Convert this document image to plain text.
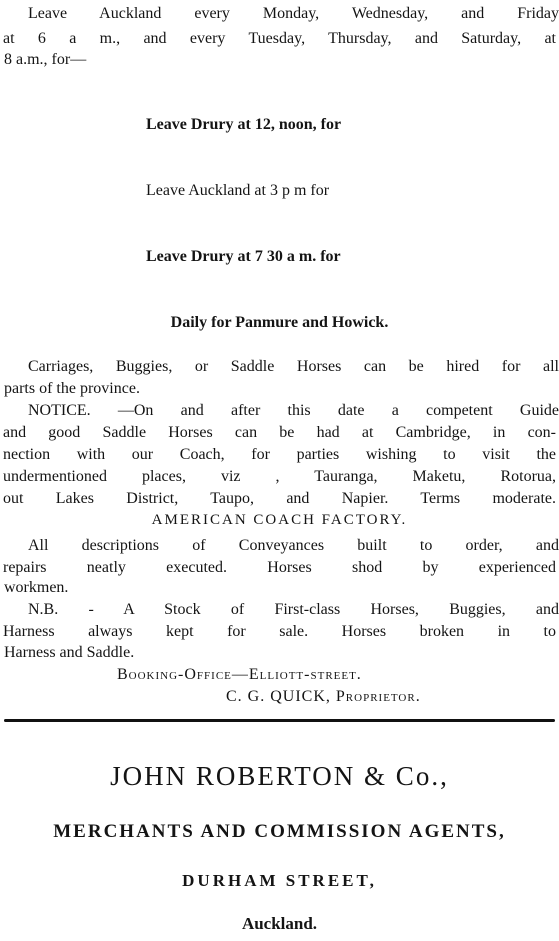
Leave Auckland every Monday, Wednesday, and Friday
at 6 a m., and every Tuesday, Thursday, and Saturday, at
8 a.m., for—
Leave Drury at 12, noon, for
Leave Auckland at 3 p m for
Leave Drury at 7 30 a m. for
Daily for Panmure and Howick.
Carriages, Buggies, or Saddle Horses can be hired for all
parts of the province.
NOTICE. —On and after this date a competent Guide
and good Saddle Horses can be had at Cambridge, in con-
nection with our Coach, for parties wishing to visit the
undermentioned places, viz , Tauranga, Maketu, Rotorua,
out Lakes District, Taupo, and Napier. Terms moderate.
AMERICAN COACH FACTORY.
All descriptions of Conveyances built to order, and
repairs neatly executed. Horses shod by experienced
workmen.
N.B. - A Stock of First-class Horses, Buggies, and
Harness always kept for sale. Horses broken in to
Harness and Saddle.
Booking-Office—Elliott-street.
C. G. QUICK, Proprietor.
JOHN ROBERTON & Co.,
MERCHANTS AND COMMISSION AGENTS,
DURHAM STREET,
Auckland.
